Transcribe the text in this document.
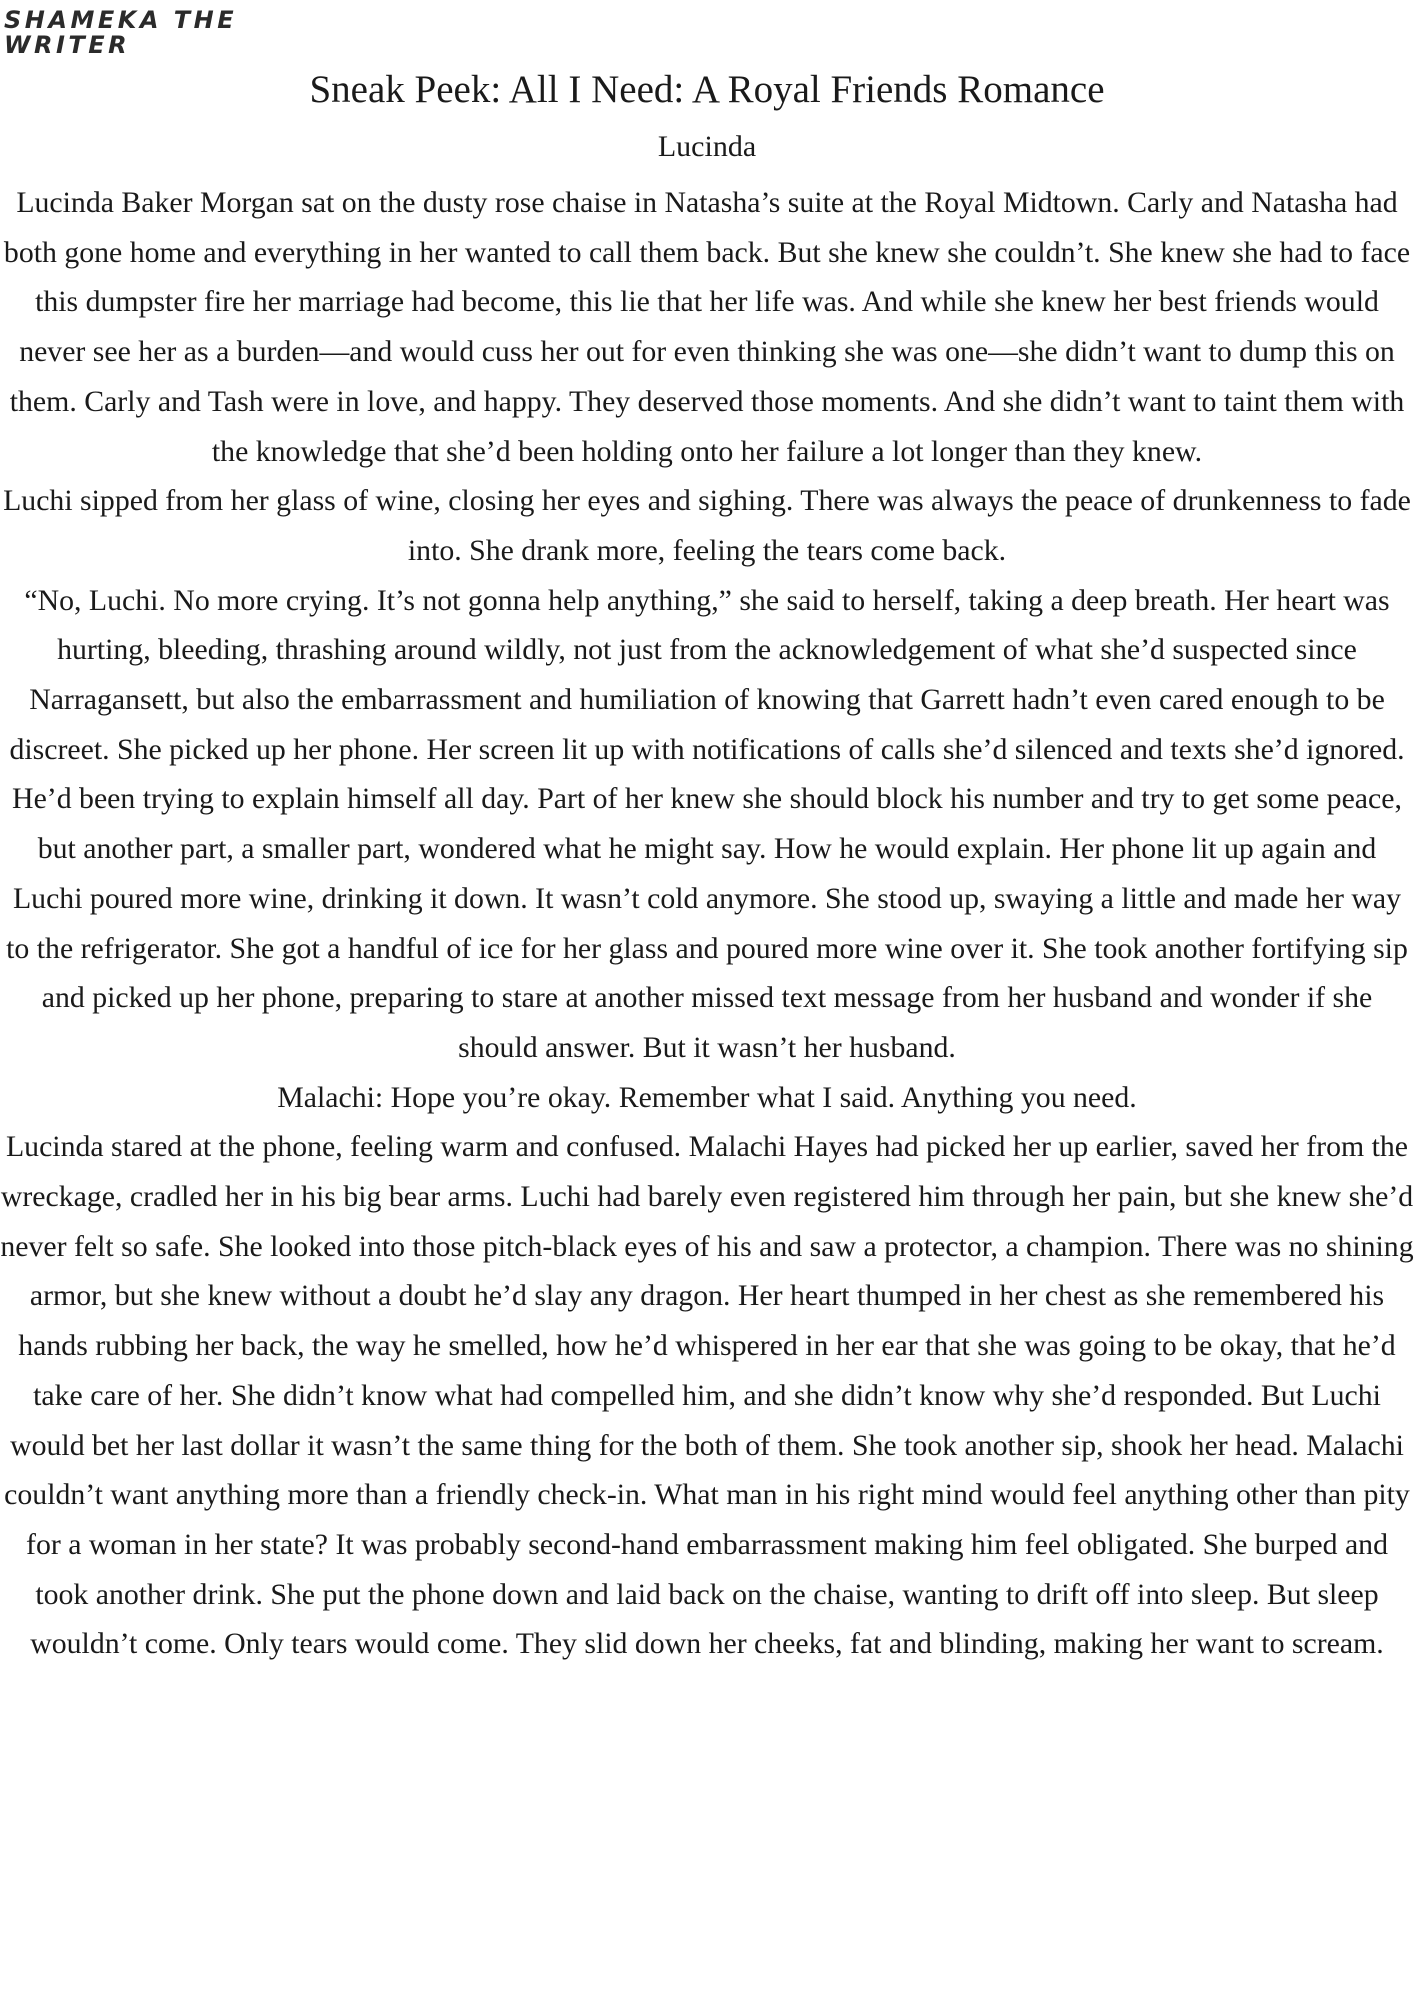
SHAMEKA THE
WRITER
Sneak Peek: All I Need: A Royal Friends Romance
Lucinda

Lucinda Baker Morgan sat on the dusty rose chaise in Natasha’s suite at the Royal Midtown. Carly and Natasha had both gone home and everything in her wanted to call them back. But she knew she couldn’t. She knew she had to face this dumpster fire her marriage had become, this lie that her life was. And while she knew her best friends would never see her as a burden—and would cuss her out for even thinking she was one—she didn’t want to dump this on them. Carly and Tash were in love, and happy. They deserved those moments. And she didn’t want to taint them with the knowledge that she’d been holding onto her failure a lot longer than they knew.

Luchi sipped from her glass of wine, closing her eyes and sighing. There was always the peace of drunkenness to fade into. She drank more, feeling the tears come back.

“No, Luchi. No more crying. It’s not gonna help anything,” she said to herself, taking a deep breath. Her heart was hurting, bleeding, thrashing around wildly, not just from the acknowledgement of what she’d suspected since Narragansett, but also the embarrassment and humiliation of knowing that Garrett hadn’t even cared enough to be discreet. She picked up her phone. Her screen lit up with notifications of calls she’d silenced and texts she’d ignored. He’d been trying to explain himself all day. Part of her knew she should block his number and try to get some peace, but another part, a smaller part, wondered what he might say. How he would explain. Her phone lit up again and Luchi poured more wine, drinking it down. It wasn’t cold anymore. She stood up, swaying a little and made her way to the refrigerator. She got a handful of ice for her glass and poured more wine over it. She took another fortifying sip and picked up her phone, preparing to stare at another missed text message from her husband and wonder if she should answer. But it wasn’t her husband.

Malachi: Hope you’re okay. Remember what I said. Anything you need.

Lucinda stared at the phone, feeling warm and confused. Malachi Hayes had picked her up earlier, saved her from the wreckage, cradled her in his big bear arms. Luchi had barely even registered him through her pain, but she knew she’d never felt so safe. She looked into those pitch-black eyes of his and saw a protector, a champion. There was no shining armor, but she knew without a doubt he’d slay any dragon. Her heart thumped in her chest as she remembered his hands rubbing her back, the way he smelled, how he’d whispered in her ear that she was going to be okay, that he’d take care of her. She didn’t know what had compelled him, and she didn’t know why she’d responded. But Luchi would bet her last dollar it wasn’t the same thing for the both of them. She took another sip, shook her head. Malachi couldn’t want anything more than a friendly check-in. What man in his right mind would feel anything other than pity for a woman in her state? It was probably second-hand embarrassment making him feel obligated. She burped and took another drink. She put the phone down and laid back on the chaise, wanting to drift off into sleep. But sleep wouldn’t come. Only tears would come. They slid down her cheeks, fat and blinding, making her want to scream.
